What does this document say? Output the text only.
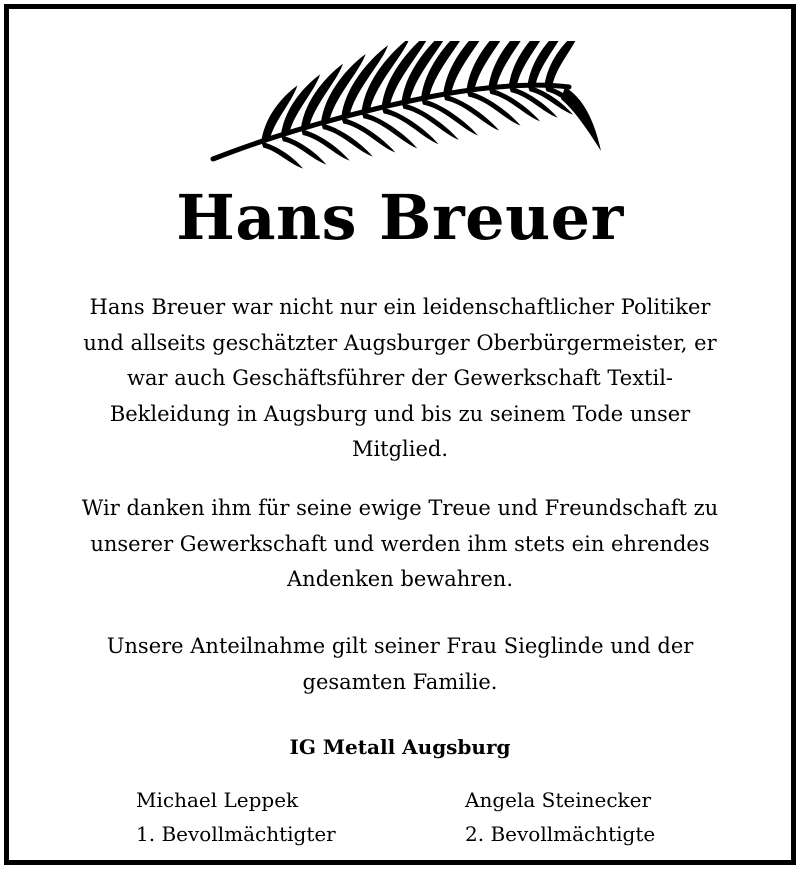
Hans Breuer
Hans Breuer war nicht nur ein leidenschaftlicher Politiker
und allseits geschätzter Augsburger Oberbürgermeister, er
war auch Geschäftsführer der Gewerkschaft Textil-
Bekleidung in Augsburg und bis zu seinem Tode unser
Mitglied.
Wir danken ihm für seine ewige Treue und Freundschaft zu
unserer Gewerkschaft und werden ihm stets ein ehrendes
Andenken bewahren.
Unsere Anteilnahme gilt seiner Frau Sieglinde und der
gesamten Familie.
IG Metall Augsburg
Michael Leppek
1. Bevollmächtigter
Angela Steinecker
2. Bevollmächtigte
